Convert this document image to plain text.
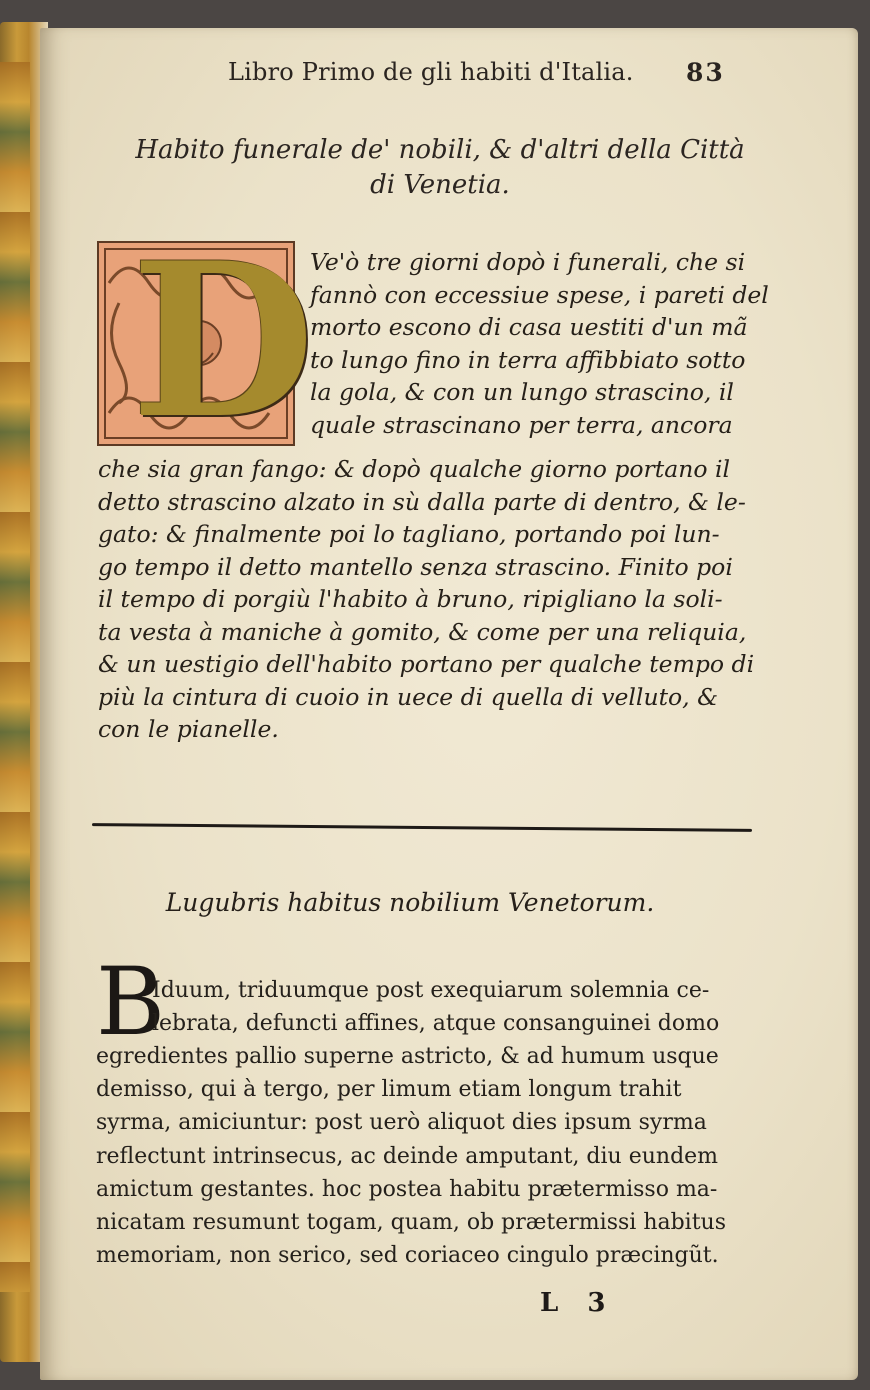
Libro Primo de gli habiti d'Italia.	83
Habito funerale de' nobili, & d'altri della Città
di Venetia.
D
Ve'ò tre giorni dopò i funerali, che si
fannò con eccessiue spese, i pareti del
morto escono di casa uestiti d'un mã
to lungo fino in terra affibbiato sotto
la gola, & con un lungo strascino, il
quale strascinano per terra, ancora
che sia gran fango: & dopò qualche giorno portano il
detto strascino alzato in sù dalla parte di dentro, & le-
gato: & finalmente poi lo tagliano, portando poi lun-
go tempo il detto mantello senza strascino. Finito poi
il tempo di porgiù l'habito à bruno, ripigliano la soli-
ta vesta à maniche à gomito, & come per una reliquia,
& un uestigio dell'habito portano per qualche tempo di
più la cintura di cuoio in uece di quella di velluto, &
con le pianelle.
Lugubris habitus nobilium Venetorum.
B
Iduum, triduumque post exequiarum solemnia ce-
lebrata, defuncti affines, atque consanguinei domo
egredientes pallio superne astricto, & ad humum usque
demisso, qui à tergo, per limum etiam longum trahit
syrma, amiciuntur: post uerò aliquot dies ipsum syrma
reflectunt intrinsecus, ac deinde amputant, diu eundem
amictum gestantes. hoc postea habitu prætermisso ma-
nicatam resumunt togam, quam, ob prætermissi habitus
memoriam, non serico, sed coriaceo cingulo præcingũt.
L 3
